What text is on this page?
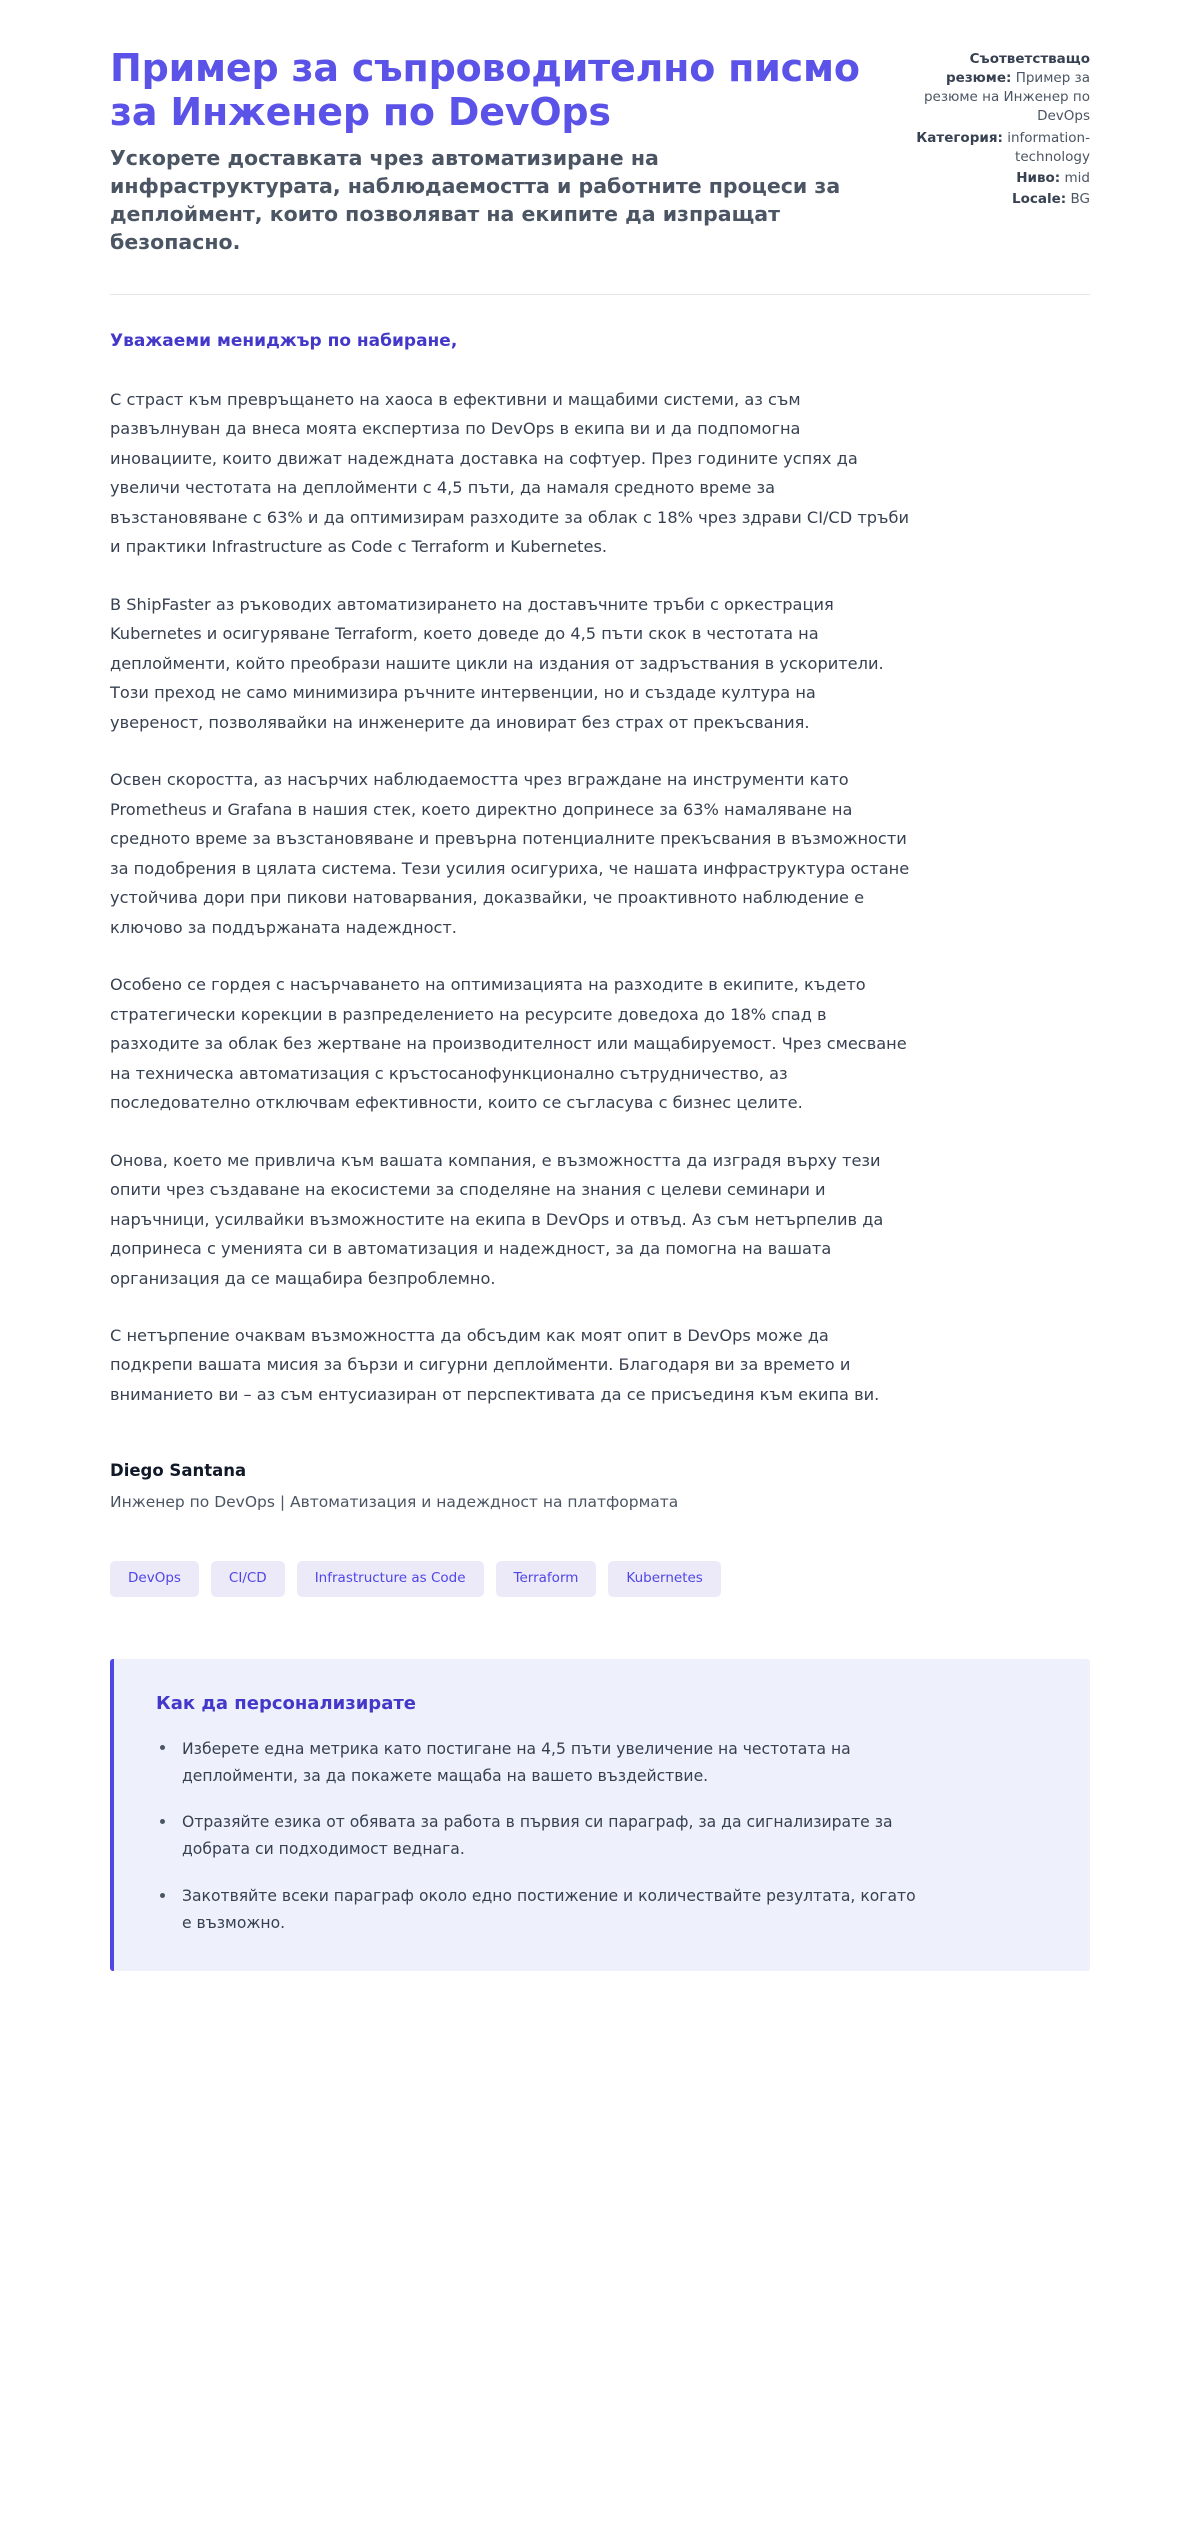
Пример за съпроводително писмо за Инженер по DevOps

Ускорете доставката чрез автоматизиране на инфраструктурата, наблюдаемостта и работните процеси за деплоймент, които позволяват на екипите да изпращат безопасно.

Съответстващо резюме: Пример за резюме на Инженер по DevOps
Категория: information-technology
Ниво: mid
Locale: BG

Уважаеми мениджър по набиране,

С страст към превръщането на хаоса в ефективни и мащабими системи, аз съм развълнуван да внеса моята експертиза по DevOps в екипа ви и да подпомогна иновациите, които движат надеждната доставка на софтуер. През годините успях да увеличи честотата на деплойменти с 4,5 пъти, да намаля средното време за възстановяване с 63% и да оптимизирам разходите за облак с 18% чрез здрави CI/CD тръби и практики Infrastructure as Code с Terraform и Kubernetes.

В ShipFaster аз ръководих автоматизирането на доставъчните тръби с оркестрация Kubernetes и осигуряване Terraform, което доведе до 4,5 пъти скок в честотата на деплойменти, който преобрази нашите цикли на издания от задръствания в ускорители. Този преход не само минимизира ръчните интервенции, но и създаде култура на увереност, позволявайки на инженерите да иновират без страх от прекъсвания.

Освен скоростта, аз насърчих наблюдаемостта чрез вграждане на инструменти като Prometheus и Grafana в нашия стек, което директно допринесе за 63% намаляване на средното време за възстановяване и превърна потенциалните прекъсвания в възможности за подобрения в цялата система. Тези усилия осигуриха, че нашата инфраструктура остане устойчива дори при пикови натоварвания, доказвайки, че проактивното наблюдение е ключово за поддържаната надеждност.

Особено се гордея с насърчаването на оптимизацията на разходите в екипите, където стратегически корекции в разпределението на ресурсите доведоха до 18% спад в разходите за облак без жертване на производителност или мащабируемост. Чрез смесване на техническа автоматизация с кръстосанофункционално сътрудничество, аз последователно отключвам ефективности, които се съгласува с бизнес целите.

Онова, което ме привлича към вашата компания, е възможността да изградя върху тези опити чрез създаване на екосистеми за споделяне на знания с целеви семинари и наръчници, усилвайки възможностите на екипа в DevOps и отвъд. Аз съм нетърпелив да допринеса с уменията си в автоматизация и надеждност, за да помогна на вашата организация да се мащабира безпроблемно.

С нетърпение очаквам възможността да обсъдим как моят опит в DevOps може да подкрепи вашата мисия за бързи и сигурни деплойменти. Благодаря ви за времето и вниманието ви – аз съм ентусиазиран от перспективата да се присъединя към екипа ви.

Diego Santana

Инженер по DevOps | Автоматизация и надеждност на платформата

DevOps	CI/CD	Infrastructure as Code	Terraform	Kubernetes
Как да персонализирате
Изберете една метрика като постигане на 4,5 пъти увеличение на честотата на деплойменти, за да покажете мащаба на вашето въздействие.
Отразяйте езика от обявата за работа в първия си параграф, за да сигнализирате за добрата си подходимост веднага.
Закотвяйте всеки параграф около едно постижение и количествайте резултата, когато е възможно.
